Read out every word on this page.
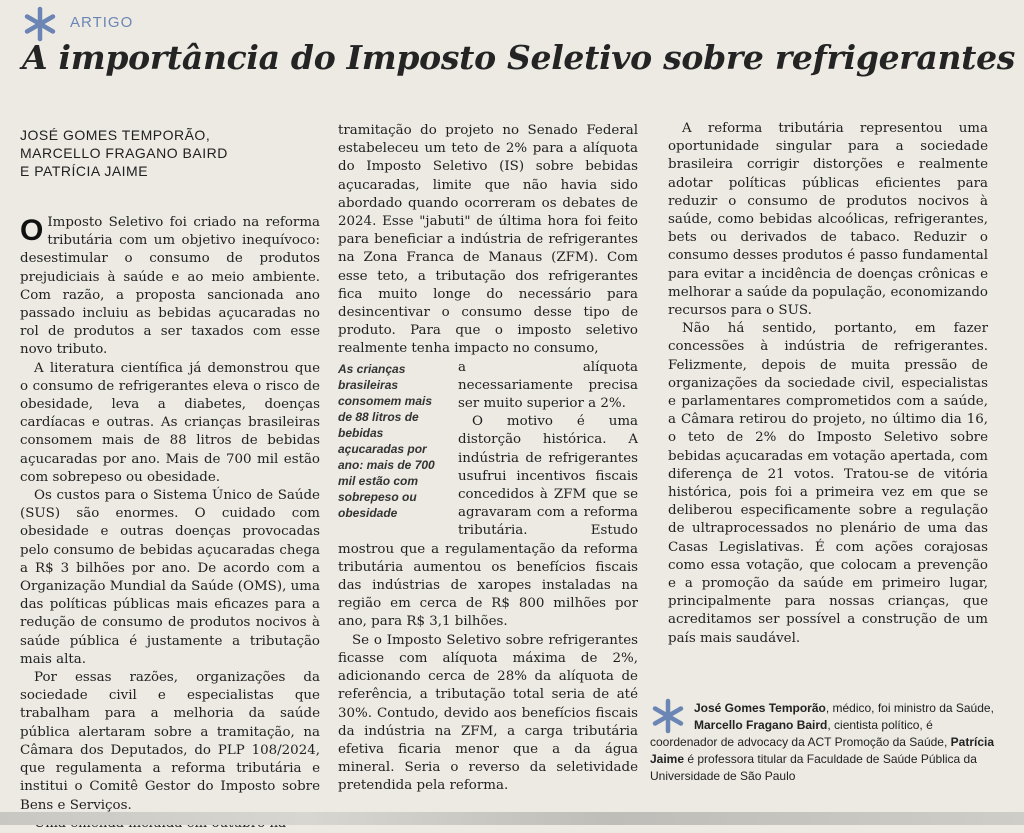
ARTIGO
A importância do Imposto Seletivo sobre refrigerantes
JOSÉ GOMES TEMPORÃO,
MARCELLO FRAGANO BAIRD
E PATRÍCIA JAIME

O Imposto Seletivo foi criado na reforma tributária com um objetivo inequívoco: desestimular o consumo de produtos prejudiciais à saúde e ao meio ambiente. Com razão, a proposta sancionada ano passado incluiu as bebidas açucaradas no rol de produtos a ser taxados com esse novo tributo.

A literatura científica já demonstrou que o consumo de refrigerantes eleva o risco de obesidade, leva a diabetes, doenças cardíacas e outras. As crianças brasileiras consomem mais de 88 litros de bebidas açucaradas por ano. Mais de 700 mil estão com sobrepeso ou obesidade.

Os custos para o Sistema Único de Saúde (SUS) são enormes. O cuidado com obesidade e outras doenças provocadas pelo consumo de bebidas açucaradas chega a R$ 3 bilhões por ano. De acordo com a Organização Mundial da Saúde (OMS), uma das políticas públicas mais eficazes para a redução de consumo de produtos nocivos à saúde pública é justamente a tributação mais alta.

Por essas razões, organizações da sociedade civil e especialistas que trabalham para a melhoria da saúde pública alertaram sobre a tramitação, na Câmara dos Deputados, do PLP 108/2024, que regulamenta a reforma tributária e institui o Comitê Gestor do Imposto sobre Bens e Serviços.

tramitação do projeto no Senado Federal estabeleceu um teto de 2% para a alíquota do Imposto Seletivo (IS) sobre bebidas açucaradas, limite que não havia sido abordado quando ocorreram os debates de 2024. Esse "jabuti" de última hora foi feito para beneficiar a indústria de refrigerantes na Zona Franca de Manaus (ZFM). Com esse teto, a tributação dos refrigerantes fica muito longe do necessário para desincentivar o consumo desse tipo de produto. Para que o imposto seletivo realmente tenha impacto no consumo,

As crianças brasileiras consomem mais de 88 litros de bebidas açucaradas por ano: mais de 700 mil estão com sobrepeso ou obesidade

a alíquota necessariamente precisa ser muito superior a 2%.

O motivo é uma distorção histórica. A indústria de refrigerantes usufrui incentivos fiscais concedidos à ZFM que se agravaram com a reforma tributária. Estudo mostrou que a regulamentação da reforma tributária aumentou os benefícios fiscais das indústrias de xaropes instaladas na região em cerca de R$ 800 milhões por ano, para R$ 3,1 bilhões.

Se o Imposto Seletivo sobre refrigerantes ficasse com alíquota máxima de 2%, adicionando cerca de 28% da alíquota de referência, a tributação total seria de até 30%. Contudo, devido aos benefícios fiscais da indústria na ZFM, a carga tributária efetiva ficaria menor que a da água mineral. Seria o reverso da seletividade pretendida pela reforma.

A reforma tributária representou uma oportunidade singular para a sociedade brasileira corrigir distorções e realmente adotar políticas públicas eficientes para reduzir o consumo de produtos nocivos à saúde, como bebidas alcoólicas, refrigerantes, bets ou derivados de tabaco. Reduzir o consumo desses produtos é passo fundamental para evitar a incidência de doenças crônicas e melhorar a saúde da população, economizando recursos para o SUS.

Não há sentido, portanto, em fazer concessões à indústria de refrigerantes. Felizmente, depois de muita pressão de organizações da sociedade civil, especialistas e parlamentares comprometidos com a saúde, a Câmara retirou do projeto, no último dia 16, o teto de 2% do Imposto Seletivo sobre bebidas açucaradas em votação apertada, com diferença de 21 votos. Tratou-se de vitória histórica, pois foi a primeira vez em que se deliberou especificamente sobre a regulação de ultraprocessados no plenário de uma das Casas Legislativas. É com ações corajosas como essa votação, que colocam a prevenção e a promoção da saúde em primeiro lugar, principalmente para nossas crianças, que acreditamos ser possível a construção de um país mais saudável.

José Gomes Temporão, médico, foi ministro da Saúde, Marcello Fragano Baird, cientista político, é coordenador de advocacy da ACT Promoção da Saúde, Patrícia Jaime é professora titular da Faculdade de Saúde Pública da Universidade de São Paulo
